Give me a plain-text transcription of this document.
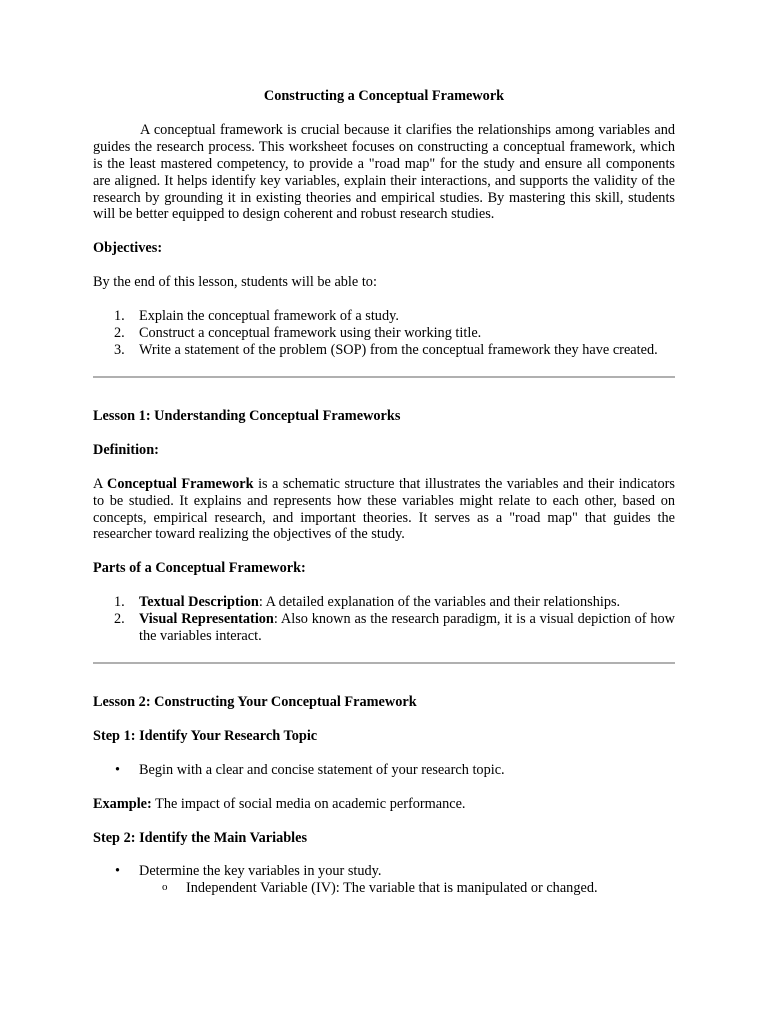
Constructing a Conceptual Framework

A conceptual framework is crucial because it clarifies the relationships among variables and guides the research process. This worksheet focuses on constructing a conceptual framework, which is the least mastered competency, to provide a "road map" for the study and ensure all components are aligned. It helps identify key variables, explain their interactions, and supports the validity of the research by grounding it in existing theories and empirical studies. By mastering this skill, students will be better equipped to design coherent and robust research studies.

Objectives:

By the end of this lesson, students will be able to:

1. Explain the conceptual framework of a study.
2. Construct a conceptual framework using their working title.
3. Write a statement of the problem (SOP) from the conceptual framework they have created.

Lesson 1: Understanding Conceptual Frameworks

Definition:

A Conceptual Framework is a schematic structure that illustrates the variables and their indicators to be studied. It explains and represents how these variables might relate to each other, based on concepts, empirical research, and important theories. It serves as a "road map" that guides the researcher toward realizing the objectives of the study.

Parts of a Conceptual Framework:

1. Textual Description: A detailed explanation of the variables and their relationships.
2. Visual Representation: Also known as the research paradigm, it is a visual depiction of how the variables interact.

Lesson 2: Constructing Your Conceptual Framework

Step 1: Identify Your Research Topic

• Begin with a clear and concise statement of your research topic.

Example: The impact of social media on academic performance.

Step 2: Identify the Main Variables

• Determine the key variables in your study.
o Independent Variable (IV): The variable that is manipulated or changed.
